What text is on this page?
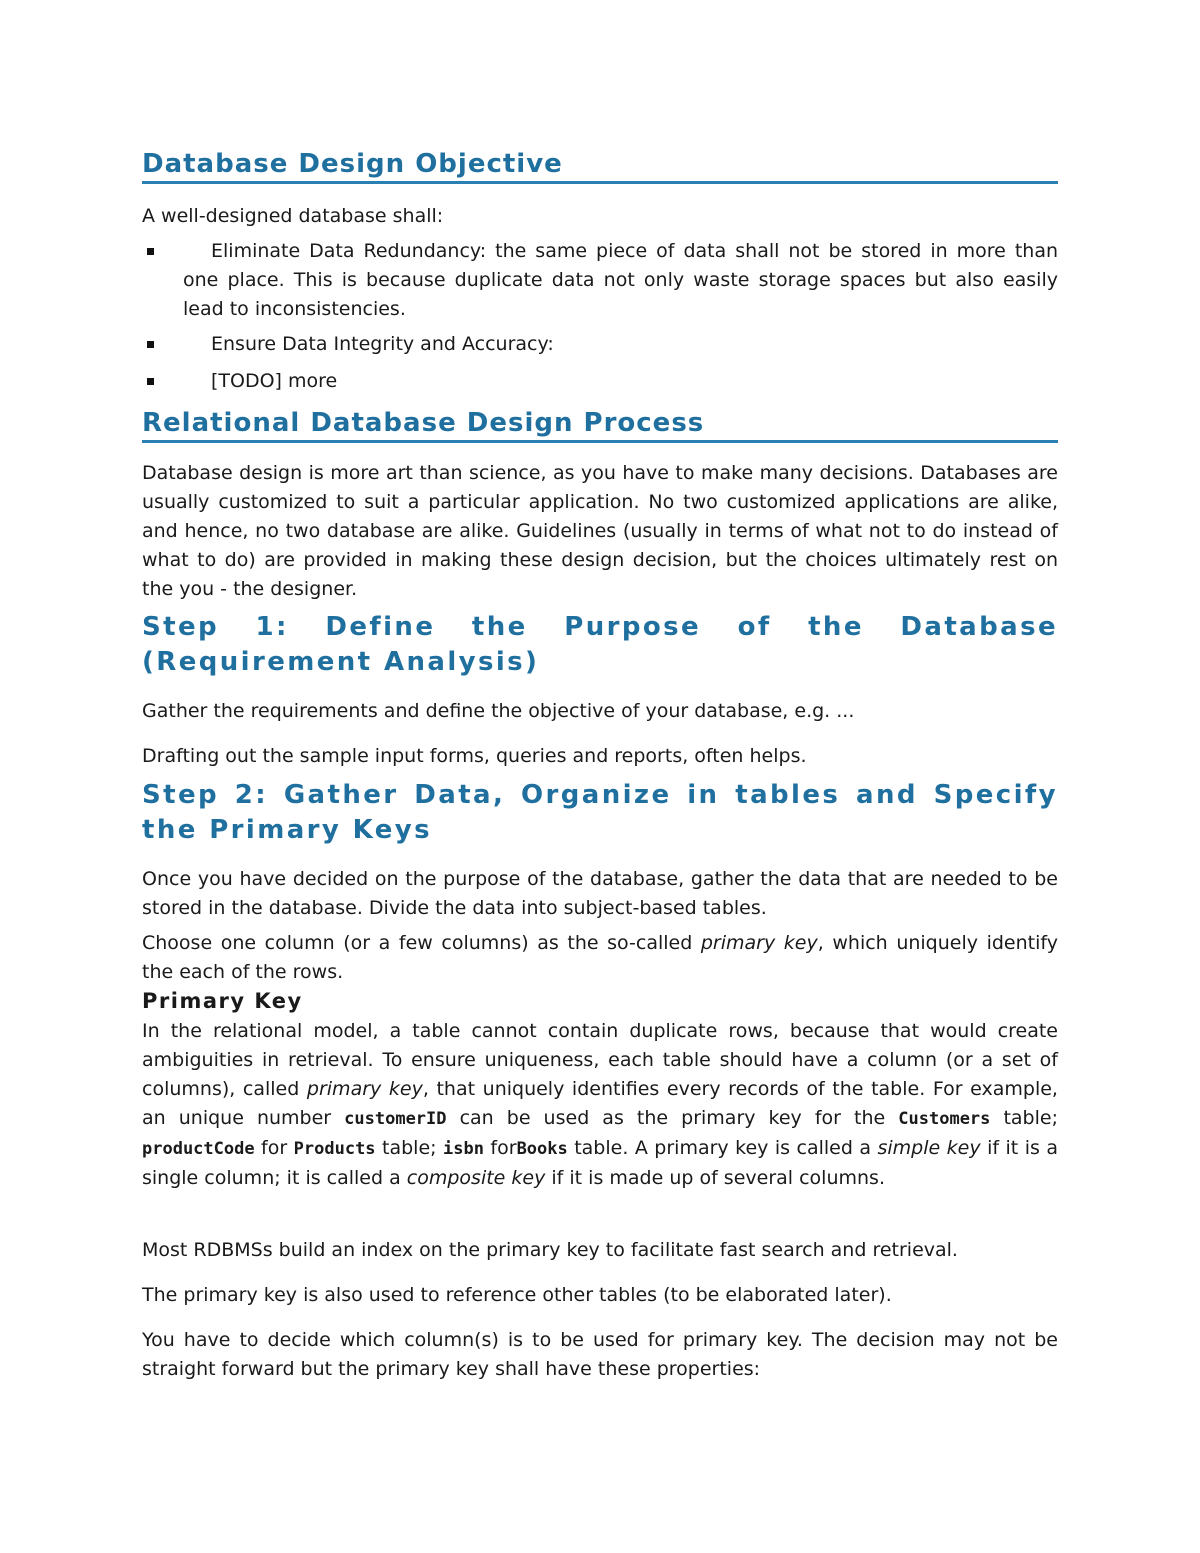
Database Design Objective
A well-designed database shall:
Eliminate Data Redundancy: the same piece of data shall not be stored in more than one place. This is because duplicate data not only waste storage spaces but also easily lead to inconsistencies.
Ensure Data Integrity and Accuracy:
[TODO] more
Relational Database Design Process
Database design is more art than science, as you have to make many decisions. Databases are usually customized to suit a particular application. No two customized applications are alike, and hence, no two database are alike. Guidelines (usually in terms of what not to do instead of what to do) are provided in making these design decision, but the choices ultimately rest on the you - the designer.
Step 1: Define the Purpose of the Database (Requirement Analysis)
Gather the requirements and define the objective of your database, e.g. ...
Drafting out the sample input forms, queries and reports, often helps.
Step 2: Gather Data, Organize in tables and Specify the Primary Keys
Once you have decided on the purpose of the database, gather the data that are needed to be stored in the database. Divide the data into subject-based tables.
Choose one column (or a few columns) as the so-called primary key, which uniquely identify the each of the rows.
Primary Key
In the relational model, a table cannot contain duplicate rows, because that would create ambiguities in retrieval. To ensure uniqueness, each table should have a column (or a set of columns), called primary key, that uniquely identifies every records of the table. For example, an unique number customerID can be used as the primary key for the Customers table; productCode for Products table; isbn forBooks table. A primary key is called a simple key if it is a single column; it is called a composite key if it is made up of several columns.
Most RDBMSs build an index on the primary key to facilitate fast search and retrieval.
The primary key is also used to reference other tables (to be elaborated later).
You have to decide which column(s) is to be used for primary key. The decision may not be straight forward but the primary key shall have these properties:
